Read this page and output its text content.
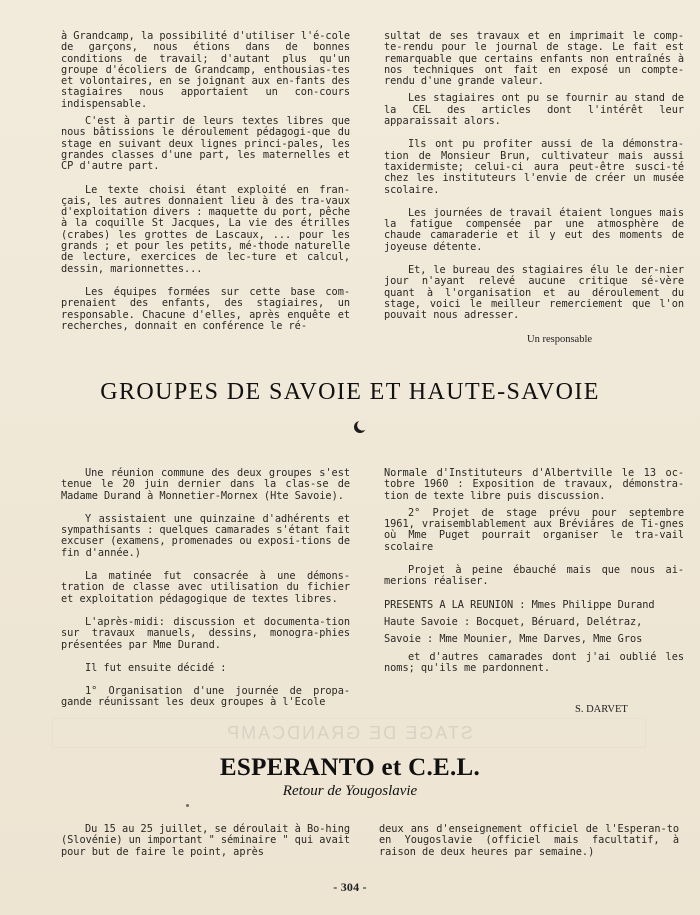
à Grandcamp, la possibilité d'utiliser l'é-cole de garçons, nous étions dans de bonnes conditions de travail; d'autant plus qu'un groupe d'écoliers de Grandcamp, enthousias-tes et volontaires, en se joignant aux en-fants des stagiaires nous apportaient un con-cours indispensable.

C'est à partir de leurs textes libres que nous bâtissions le déroulement pédagogi-que du stage en suivant deux lignes princi-pales, les grandes classes d'une part, les maternelles et CP d'autre part.

Le texte choisi étant exploité en fran-çais, les autres donnaient lieu à des tra-vaux d'exploitation divers : maquette du port, pêche à la coquille St Jacques, La vie des étrilles (crabes) les grottes de Lascaux, ... pour les grands ; et pour les petits, mé-thode naturelle de lecture, exercices de lec-ture et calcul, dessin, marionnettes...

Les équipes formées sur cette base com-prenaient des enfants, des stagiaires, un responsable. Chacune d'elles, après enquête et recherches, donnait en conférence le ré-

sultat de ses travaux et en imprimait le comp-te-rendu pour le journal de stage. Le fait est remarquable que certains enfants non entraînés à nos techniques ont fait en exposé un compte-rendu d'une grande valeur.

Les stagiaires ont pu se fournir au stand de la CEL des articles dont l'intérêt leur apparaissait alors.

Ils ont pu profiter aussi de la démonstra-tion de Monsieur Brun, cultivateur mais aussi taxidermiste; celui-ci aura peut-être susci-té chez les instituteurs l'envie de créer un musée scolaire.

Les journées de travail étaient longues mais la fatigue compensée par une atmosphère de chaude camaraderie et il y eut des moments de joyeuse détente.

Et, le bureau des stagiaires élu le der-nier jour n'ayant relevé aucune critique sé-vère quant à l'organisation et au déroulement du stage, voici le meilleur remerciement que l'on pouvait nous adresser.

Un responsable
GROUPES DE SAVOIE ET HAUTE-SAVOIE

Une réunion commune des deux groupes s'est tenue le 20 juin dernier dans la clas-se de Madame Durand à Monnetier-Mornex (Hte Savoie).

Y assistaient une quinzaine d'adhérents et sympathisants : quelques camarades s'étant fait excuser (examens, promenades ou exposi-tions de fin d'année.)

La matinée fut consacrée à une démons-tration de classe avec utilisation du fichier et exploitation pédagogique de textes libres.

L'après-midi: discussion et documenta-tion sur travaux manuels, dessins, monogra-phies présentées par Mme Durand.

Il fut ensuite décidé :

1° Organisation d'une journée de propa-gande réunissant les deux groupes à l'Ecole

Normale d'Instituteurs d'Albertville le 13 oc-tobre 1960 : Exposition de travaux, démonstra-tion de texte libre puis discussion.

2° Projet de stage prévu pour septembre 1961, vraisemblablement aux Bréviâres de Ti-gnes où Mme Puget pourrait organiser le tra-vail scolaire

Projet à peine ébauché mais que nous ai-merions réaliser.

PRESENTS A LA REUNION : Mmes Philippe Durand

Haute Savoie : Bocquet, Béruard, Delétraz,

Savoie : Mme Mounier, Mme Darves, Mme Gros

et d'autres camarades dont j'ai oublié les noms; qu'ils me pardonnent.

S. DARVET
STAGE DE GRANDCAMP
ESPERANTO et C.E.L.
Retour de Yougoslavie

Du 15 au 25 juillet, se déroulait à Bo-hing (Slovénie) un important " séminaire " qui avait pour but de faire le point, après

deux ans d'enseignement officiel de l'Esperan-to en Yougoslavie (officiel mais facultatif, à raison de deux heures par semaine.)

- 304 -
